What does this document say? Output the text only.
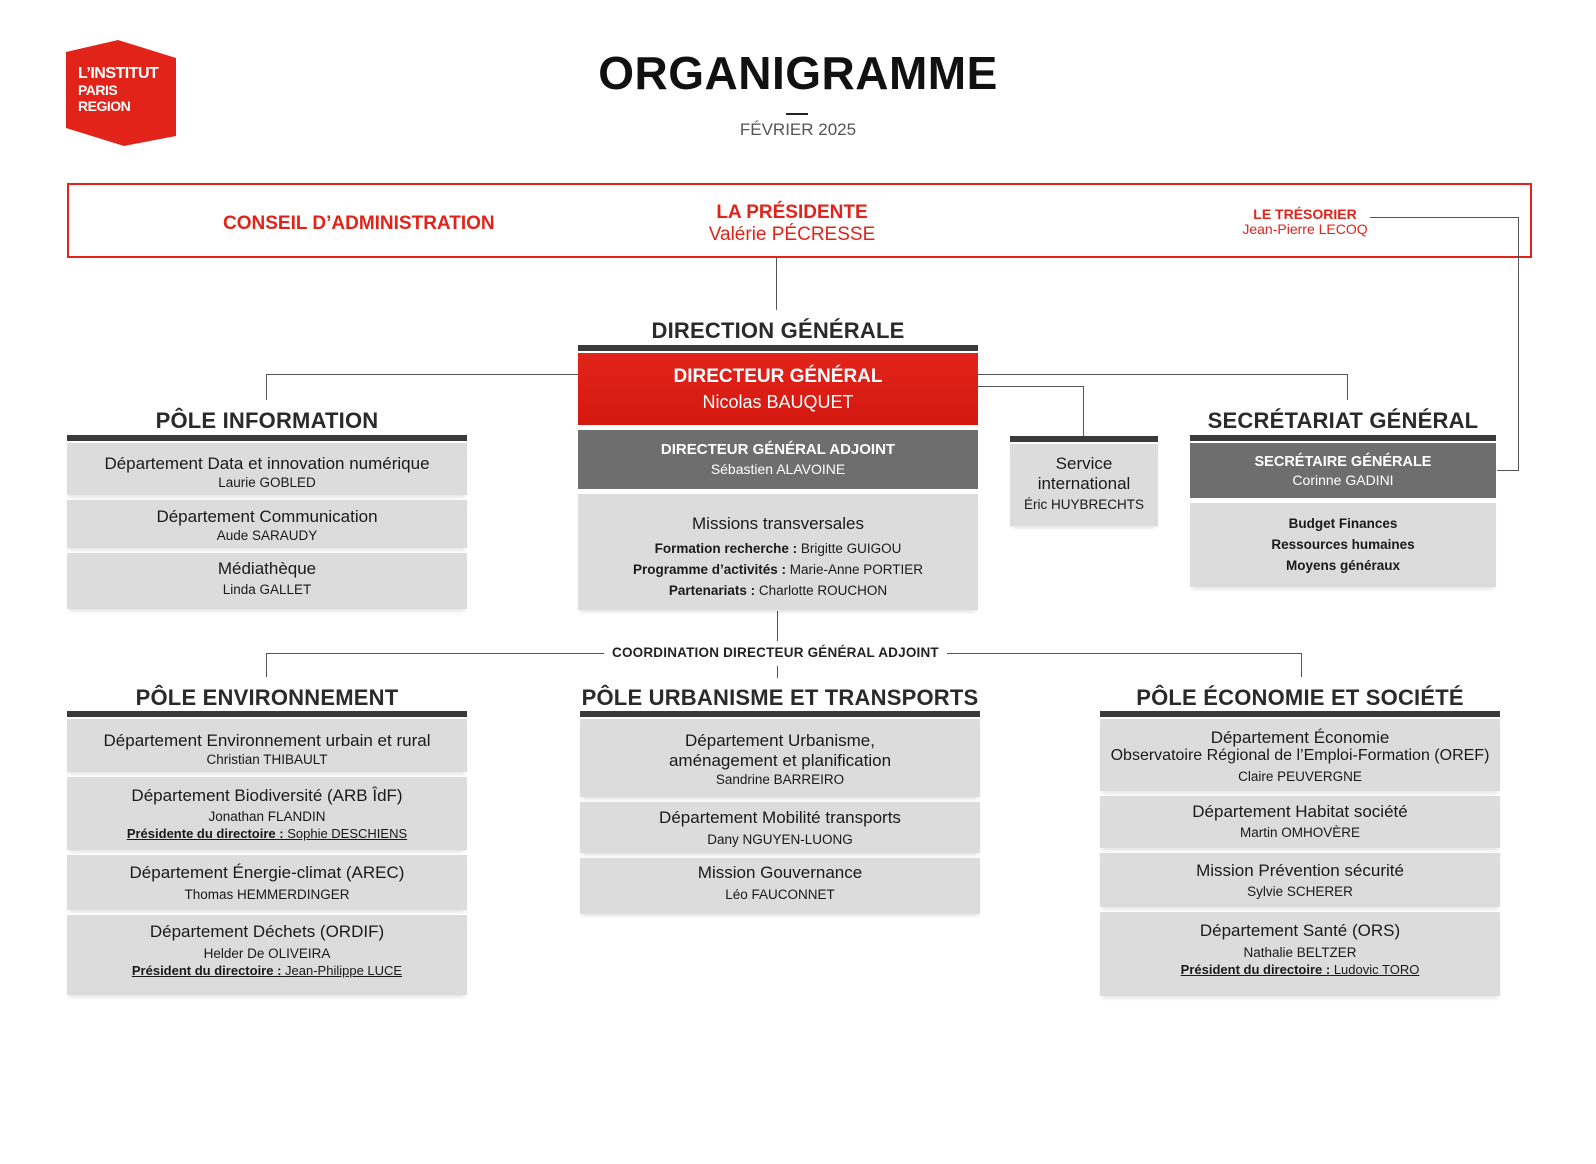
L’INSTITUT
PARIS
REGION
ORGANIGRAMME
FÉVRIER 2025
CONSEIL D’ADMINISTRATION
LA PRÉSIDENTE
Valérie PÉCRESSE
LE TRÉSORIER
Jean-Pierre LECOQ
DIRECTION GÉNÉRALE
DIRECTEUR GÉNÉRAL
Nicolas BAUQUET
DIRECTEUR GÉNÉRAL ADJOINT
Sébastien ALAVOINE
Missions transversales
Formation recherche : Brigitte GUIGOU
Programme d’activités : Marie-Anne PORTIER
Partenariats : Charlotte ROUCHON
Service
international
Éric HUYBRECHTS
PÔLE INFORMATION
Département Data et innovation numérique
Laurie GOBLED
Département Communication
Aude SARAUDY
Médiathèque
Linda GALLET
SECRÉTARIAT GÉNÉRAL
SECRÉTAIRE GÉNÉRALE
Corinne GADINI
Budget Finances
Ressources humaines
Moyens généraux
COORDINATION DIRECTEUR GÉNÉRAL ADJOINT
PÔLE ENVIRONNEMENT
Département Environnement urbain et rural
Christian THIBAULT
Département Biodiversité (ARB ÎdF)
Jonathan FLANDIN
Présidente du directoire : Sophie DESCHIENS
Département Énergie-climat (AREC)
Thomas HEMMERDINGER
Département Déchets (ORDIF)
Helder De OLIVEIRA
Président du directoire : Jean-Philippe LUCE
PÔLE URBANISME ET TRANSPORTS
Département Urbanisme,
aménagement et planification
Sandrine BARREIRO
Département Mobilité transports
Dany NGUYEN-LUONG
Mission Gouvernance
Léo FAUCONNET
PÔLE ÉCONOMIE ET SOCIÉTÉ
Département Économie
Observatoire Régional de l’Emploi-Formation (OREF)
Claire PEUVERGNE
Département Habitat société
Martin OMHOVÈRE
Mission Prévention sécurité
Sylvie SCHERER
Département Santé (ORS)
Nathalie BELTZER
Président du directoire : Ludovic TORO
